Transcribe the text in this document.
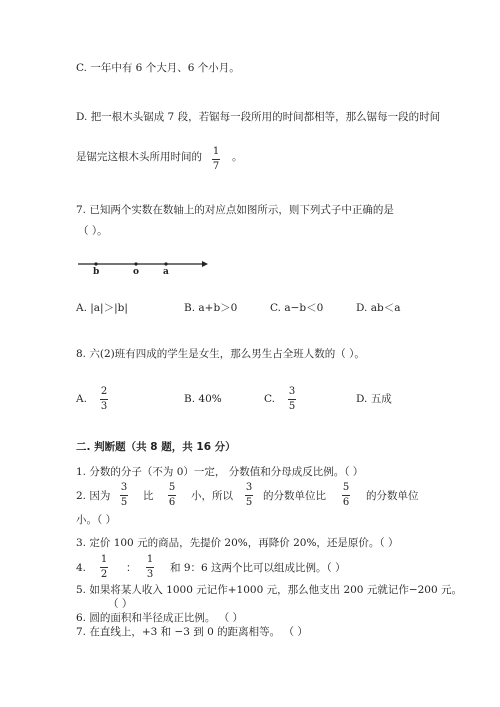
C. 一年中有 6 个大月、6 个小月。
D. 把一根木头锯成 7 段，若锯每一段所用的时间都相等，那么锯每一段的时间
是锯完这根木头所用时间的 1
7
。
7. 已知两个实数在数轴上的对应点如图所示，则下列式子中正确的是
（ ）。
b	o	a
A. |a|＞|b|	B. a+b＞0	C. a−b＜0	D. ab＜a
8. 六(2)班有四成的学生是女生，那么男生占全班人数的（ ）。
A.
2
3
B. 40%	C.
3
5
D. 五成
二. 判断题（共 8 题，共 16 分）
1. 分数的分子（不为 0）一定， 分数值和分母成反比例。（ ）
2. 因为
3
5
比
5
6
小，所以
3
5
的分数单位比
5
6
的分数单位
小。（ ）
3. 定价 100 元的商品，先提价 20%，再降价 20%，还是原价。（ ）
4.
1
2
：
1
3
和 9：6 这两个比可以组成比例。（ ）
5. 如果将某人收入 1000 元记作+1000 元，那么他支出 200 元就记作−200 元。
（ ）
6. 圆的面积和半径成正比例。 （ ）
7. 在直线上，+3 和 −3 到 0 的距离相等。 （ ）
